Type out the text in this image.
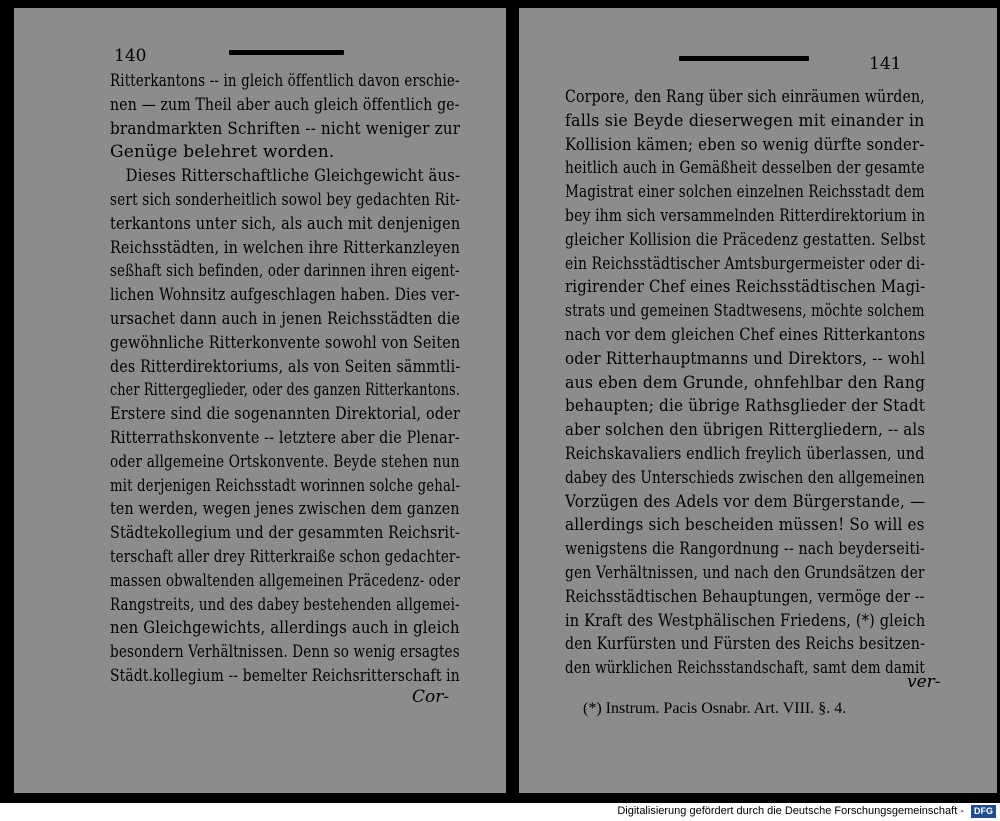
140
Ritterkantons -- in gleich öffentlich davon erschie-
nen — zum Theil aber auch gleich öffentlich ge-
brandmarkten Schriften -- nicht weniger zur
Genüge belehret worden.
Dieses Ritterschaftliche Gleichgewicht äus-
sert sich sonderheitlich sowol bey gedachten Rit-
terkantons unter sich, als auch mit denjenigen
Reichsstädten, in welchen ihre Ritterkanzleyen
seßhaft sich befinden, oder darinnen ihren eigent-
lichen Wohnsitz aufgeschlagen haben. Dies ver-
ursachet dann auch in jenen Reichsstädten die
gewöhnliche Ritterkonvente sowohl von Seiten
des Ritterdirektoriums, als von Seiten sämmtli-
cher Rittergeglieder, oder des ganzen Ritterkantons.
Erstere sind die sogenannten Direktorial, oder
Ritterrathskonvente -- letztere aber die Plenar-
oder allgemeine Ortskonvente. Beyde stehen nun
mit derjenigen Reichsstadt worinnen solche gehal-
ten werden, wegen jenes zwischen dem ganzen
Städtekollegium und der gesammten Reichsrit-
terschaft aller drey Ritterkraiße schon gedachter-
massen obwaltenden allgemeinen Präcedenz- oder
Rangstreits, und des dabey bestehenden allgemei-
nen Gleichgewichts, allerdings auch in gleich
besondern Verhältnissen. Denn so wenig ersagtes
Städt.kollegium -- bemelter Reichsritterschaft in
Cor-
141
Corpore, den Rang über sich einräumen würden,
falls sie Beyde dieserwegen mit einander in
Kollision kämen; eben so wenig dürfte sonder-
heitlich auch in Gemäßheit desselben der gesamte
Magistrat einer solchen einzelnen Reichsstadt dem
bey ihm sich versammelnden Ritterdirektorium in
gleicher Kollision die Präcedenz gestatten. Selbst
ein Reichsstädtischer Amtsburgermeister oder di-
rigirender Chef eines Reichsstädtischen Magi-
strats und gemeinen Stadtwesens, möchte solchem
nach vor dem gleichen Chef eines Ritterkantons
oder Ritterhauptmanns und Direktors, -- wohl
aus eben dem Grunde, ohnfehlbar den Rang
behaupten; die übrige Rathsglieder der Stadt
aber solchen den übrigen Rittergliedern, -- als
Reichskavaliers endlich freylich überlassen, und
dabey des Unterschieds zwischen den allgemeinen
Vorzügen des Adels vor dem Bürgerstande, —
allerdings sich bescheiden müssen! So will es
wenigstens die Rangordnung -- nach beyderseiti-
gen Verhältnissen, und nach den Grundsätzen der
Reichsstädtischen Behauptungen, vermöge der --
in Kraft des Westphälischen Friedens, (*) gleich
den Kurfürsten und Fürsten des Reichs besitzen-
den würklichen Reichsstandschaft, samt dem damit
ver-
(*) Instrum. Pacis Osnabr. Art. VIII. §. 4.
Digitalisierung gefördert durch die Deutsche Forschungsgemeinschaft -	DFG
